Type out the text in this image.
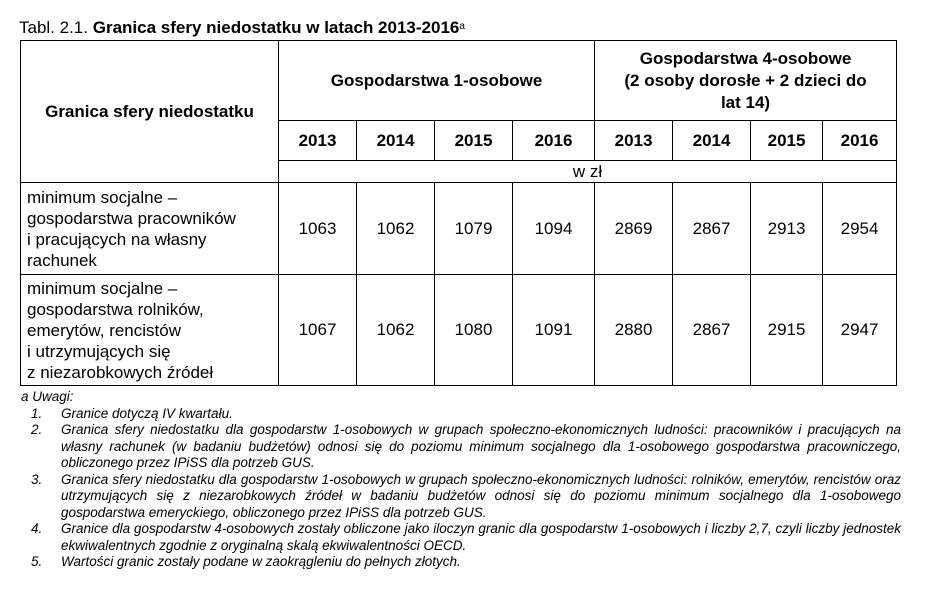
Tabl. 2.1. Granica sfery niedostatku w latach 2013-2016$^a$
Granica sfery niedostatku	Gospodarstwa 1-osobowe				Gospodarstwa 4-osobowe
(2 osoby dorosłe + 2 dzieci do
lat 14)			

	2013	2014	2015	2016	2013	2014	2015	2016
	w zł							

minimum socjalne –
gospodarstwa pracowników
i pracujących na własny
rachunek	1063	1062	1079	1094	2869	2867	2913	2954

minimum socjalne –
gospodarstwa rolników,
emerytów, rencistów
i utrzymujących się
z niezarobkowych źródeł	1067	1062	1080	1091	2880	2867	2915	2947
a Uwagi:
1. Granice dotyczą IV kwartału.
2. Granica sfery niedostatku dla gospodarstw 1-osobowych w grupach społeczno-ekonomicznych ludności: pracowników i pracujących na własny rachunek (w badaniu budżetów) odnosi się do poziomu minimum socjalnego dla 1-osobowego gospodarstwa pracowniczego, obliczonego przez IPiSS dla potrzeb GUS.
3. Granica sfery niedostatku dla gospodarstw 1-osobowych w grupach społeczno-ekonomicznych ludności: rolników, emerytów, rencistów oraz utrzymujących się z niezarobkowych źródeł w badaniu budżetów odnosi się do poziomu minimum socjalnego dla 1-osobowego gospodarstwa emeryckiego, obliczonego przez IPiSS dla potrzeb GUS.
4. Granice dla gospodarstw 4-osobowych zostały obliczone jako iloczyn granic dla gospodarstw 1-osobowych i liczby 2,7, czyli liczby jednostek ekwiwalentnych zgodnie z oryginalną skalą ekwiwalentności OECD.
5. Wartości granic zostały podane w zaokrągleniu do pełnych złotych.
